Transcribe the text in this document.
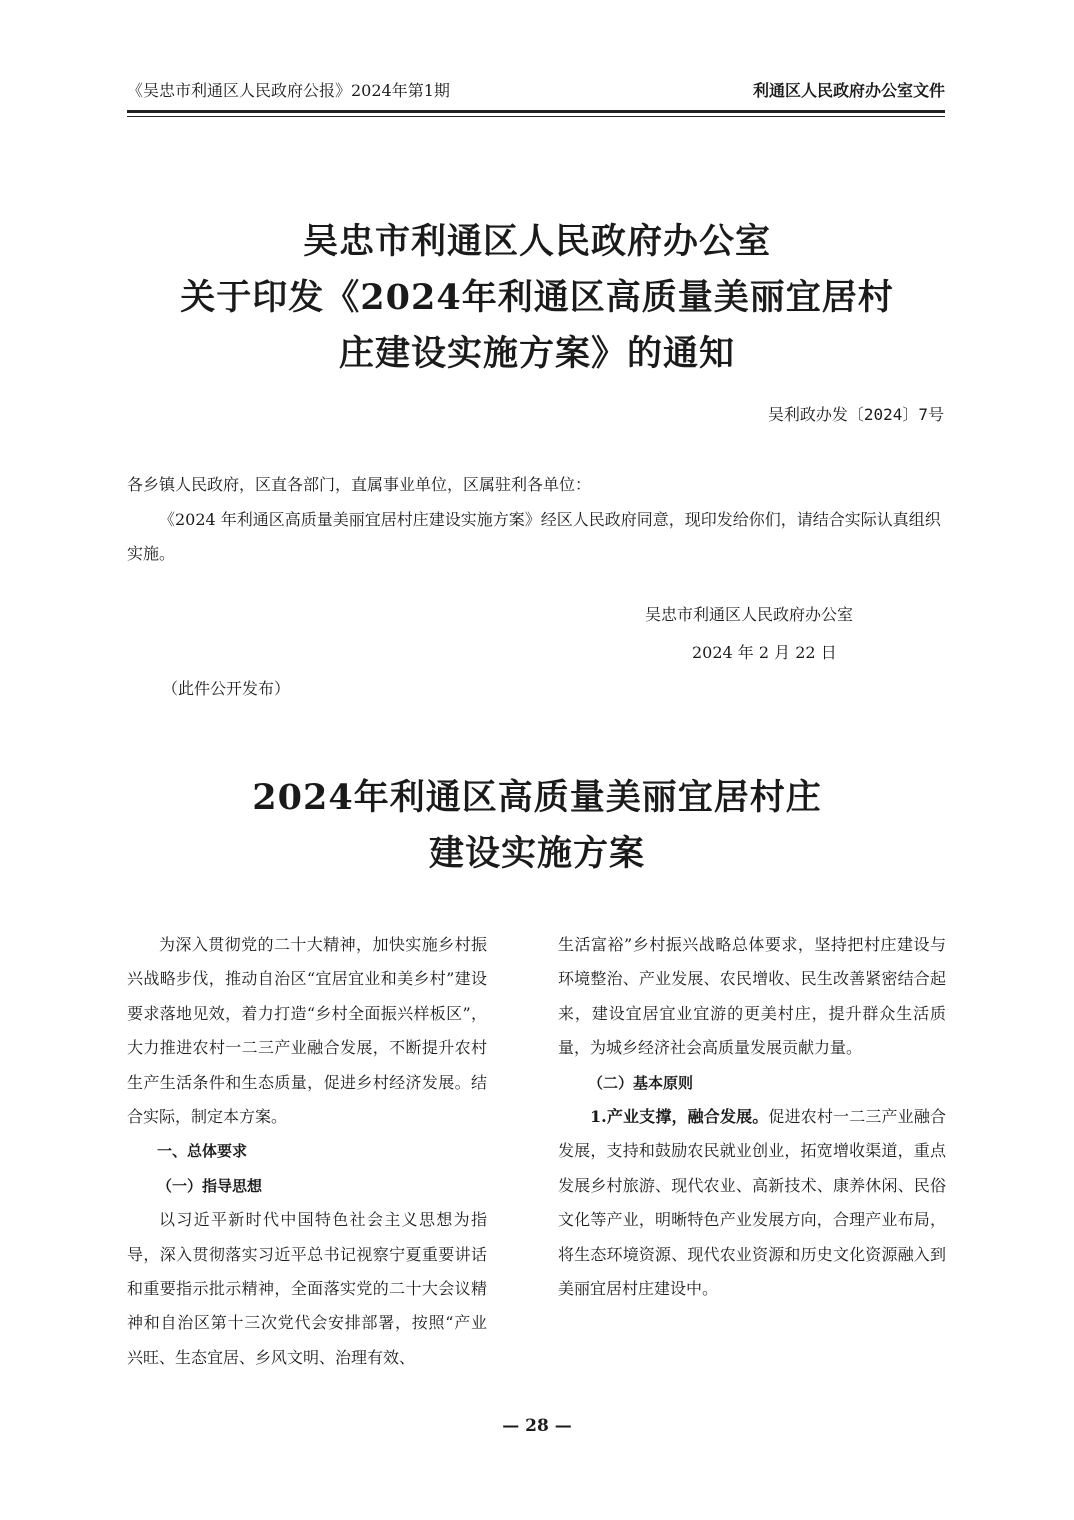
《吴忠市利通区人民政府公报》2024年第1期	利通区人民政府办公室文件
吴忠市利通区人民政府办公室
关于印发《2024年利通区高质量美丽宜居村
庄建设实施方案》的通知
吴利政办发〔2024〕7号
各乡镇人民政府，区直各部门，直属事业单位，区属驻利各单位：
《2024 年利通区高质量美丽宜居村庄建设实施方案》经区人民政府同意，现印发给你们，请结合实际认真组织实施。
吴忠市利通区人民政府办公室
2024 年 2 月 22 日
（此件公开发布）
2024年利通区高质量美丽宜居村庄
建设实施方案

为深入贯彻党的二十大精神，加快实施乡村振兴战略步伐，推动自治区“宜居宜业和美乡村”建设要求落地见效，着力打造“乡村全面振兴样板区”，大力推进农村一二三产业融合发展，不断提升农村生产生活条件和生态质量，促进乡村经济发展。结合实际，制定本方案。

一、总体要求

（一）指导思想

以习近平新时代中国特色社会主义思想为指导，深入贯彻落实习近平总书记视察宁夏重要讲话和重要指示批示精神，全面落实党的二十大会议精神和自治区第十三次党代会安排部署，按照“产业兴旺、生态宜居、乡风文明、治理有效、

生活富裕”乡村振兴战略总体要求，坚持把村庄建设与环境整治、产业发展、农民增收、民生改善紧密结合起来，建设宜居宜业宜游的更美村庄，提升群众生活质量，为城乡经济社会高质量发展贡献力量。

（二）基本原则

1.产业支撑，融合发展。促进农村一二三产业融合发展，支持和鼓励农民就业创业，拓宽增收渠道，重点发展乡村旅游、现代农业、高新技术、康养休闲、民俗文化等产业，明晰特色产业发展方向，合理产业布局，将生态环境资源、现代农业资源和历史文化资源融入到美丽宜居村庄建设中。

— 28 —
